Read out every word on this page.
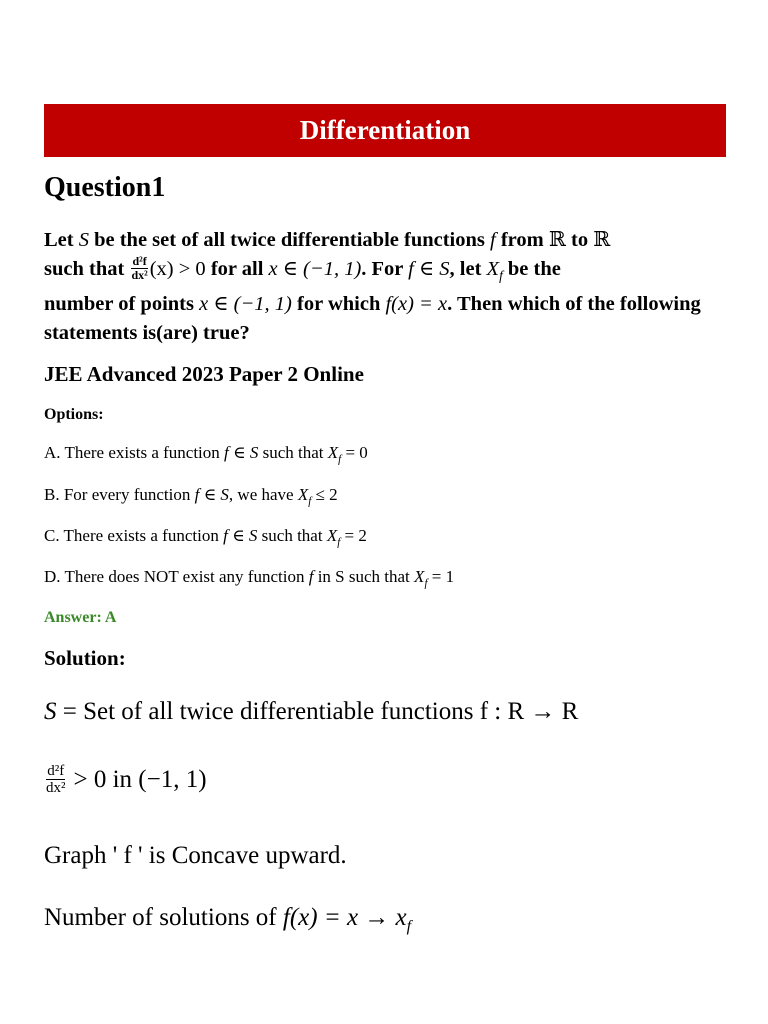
Differentiation
Question1
Let S be the set of all twice differentiable functions f from ℝ to ℝ
such that $\frac{\text{d²f}}{\text{dx²}} (x) > 0$ for all x ∈ (−1, 1). For f ∈ S, let $X_f$ be the
number of points x ∈ (−1, 1) for which f(x) = x. Then which of the following statements is(are) true?
JEE Advanced 2023 Paper 2 Online
Options:
A. There exists a function f ∈ S such that $X_f = 0$
B. For every function f ∈ S, we have $X_f \le 2$
C. There exists a function f ∈ S such that $X_f = 2$
D. There does NOT exist any function f in S such that $X_f = 1$
Answer: A
Solution:
S = Set of all twice differentiable functions f : R → R
$\frac{\text{d²f}}{\text{dx²}} > 0$ in (−1, 1)
Graph ' f ' is Concave upward.
Number of solutions of $f(x) = x \to x_f$
